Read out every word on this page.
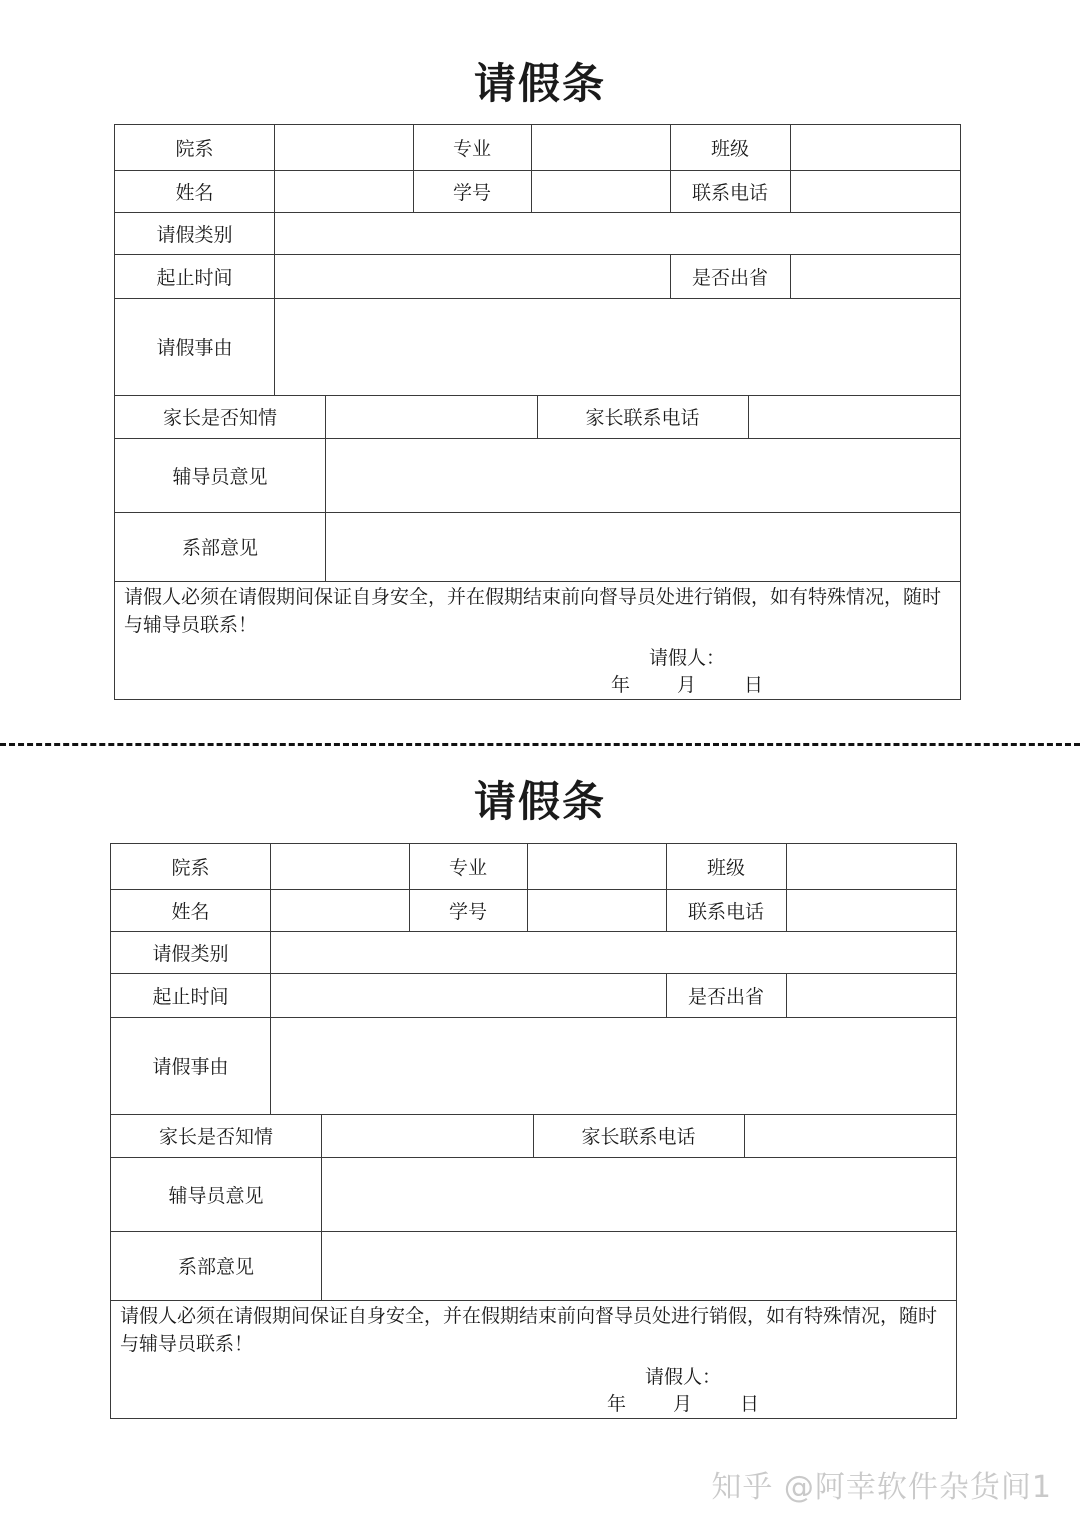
请假条
院系	专业	班级
姓名	学号	联系电话
请假类别
起止时间	是否出省
请假事由
家长是否知情	家长联系电话
辅导员意见
系部意见
请假人必须在请假期间保证自身安全，并在假期结束前向督导员处进行销假，如有特殊情况，随时与辅导员联系！
请假人：
年 月	日
请假条
院系	专业	班级
姓名	学号	联系电话
请假类别
起止时间	是否出省
请假事由
家长是否知情	家长联系电话
辅导员意见
系部意见
请假人必须在请假期间保证自身安全，并在假期结束前向督导员处进行销假，如有特殊情况，随时与辅导员联系！
请假人：
年 月	日
知乎 @阿幸软件杂货间1
